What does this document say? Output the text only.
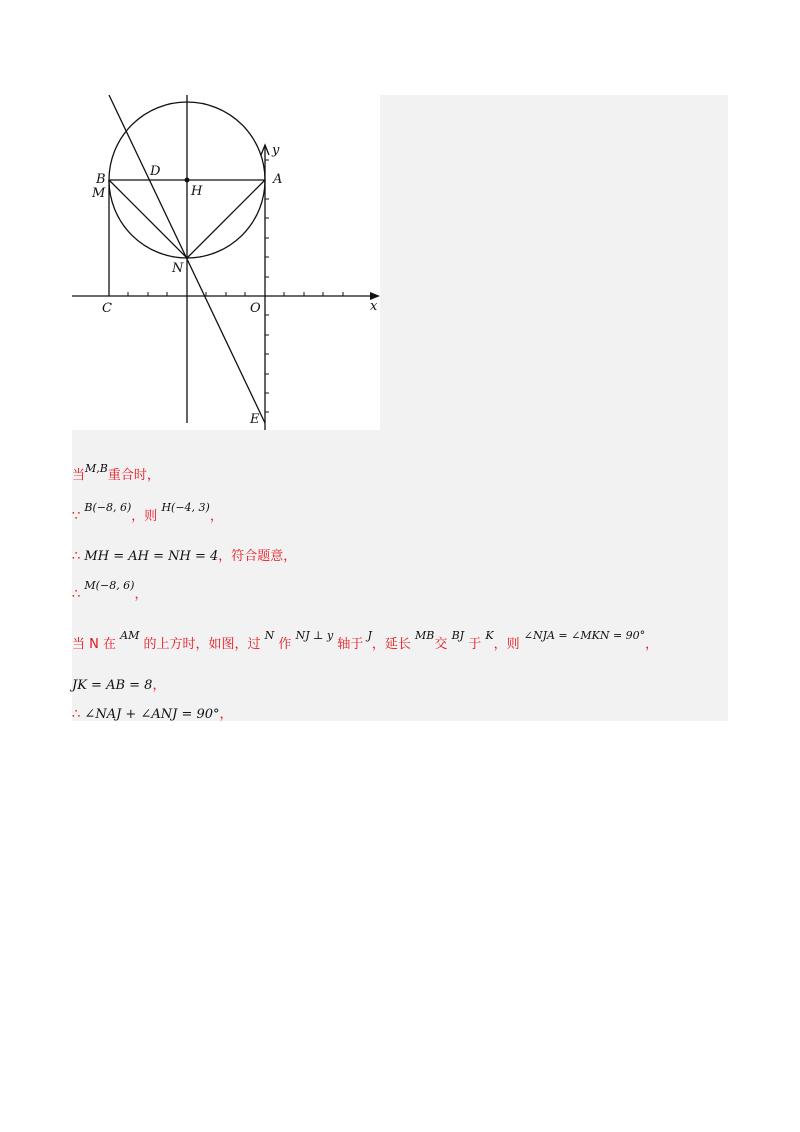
B
M
D
H
A
y
N
C	O	x
E
当$^{M,B}$重合时，
∵ $^{B(-8, 6)}$，则 $^{H(-4, 3)}$，
∴ MH = AH = NH = 4，符合题意，
∴ $^{M(-8, 6)}$，
当 N 在 $^{AM}$ 的上方时，如图，过 $^N$ 作 $^{NJ \perp y}$ 轴于 $^J$，延长 $^{MB}$交 $^{BJ}$ 于 $^K$，则 $^{\angle NJA = \angle MKN = 90^\circ}$，
JK = AB = 8，
∴ ∠NAJ + ∠ANJ = 90°，
